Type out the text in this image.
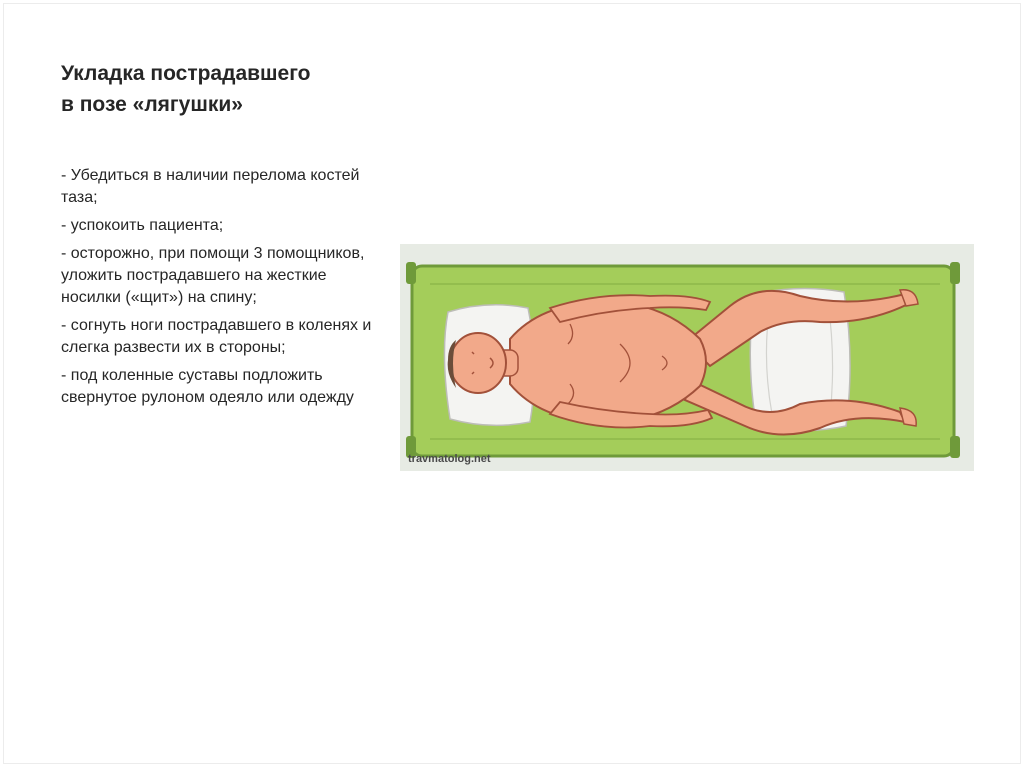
Укладка пострадавшего
в позе «лягушки»
- Убедиться в наличии перелома костей таза;
- успокоить пациента;
- осторожно, при помощи 3 помощников, уложить пострадавшего на жесткие носилки («щит») на спину;
- согнуть ноги пострадавшего в коленях и слегка развести их в стороны;
- под коленные суставы подложить свернутое рулоном одеяло или одежду
travmatolog.net
